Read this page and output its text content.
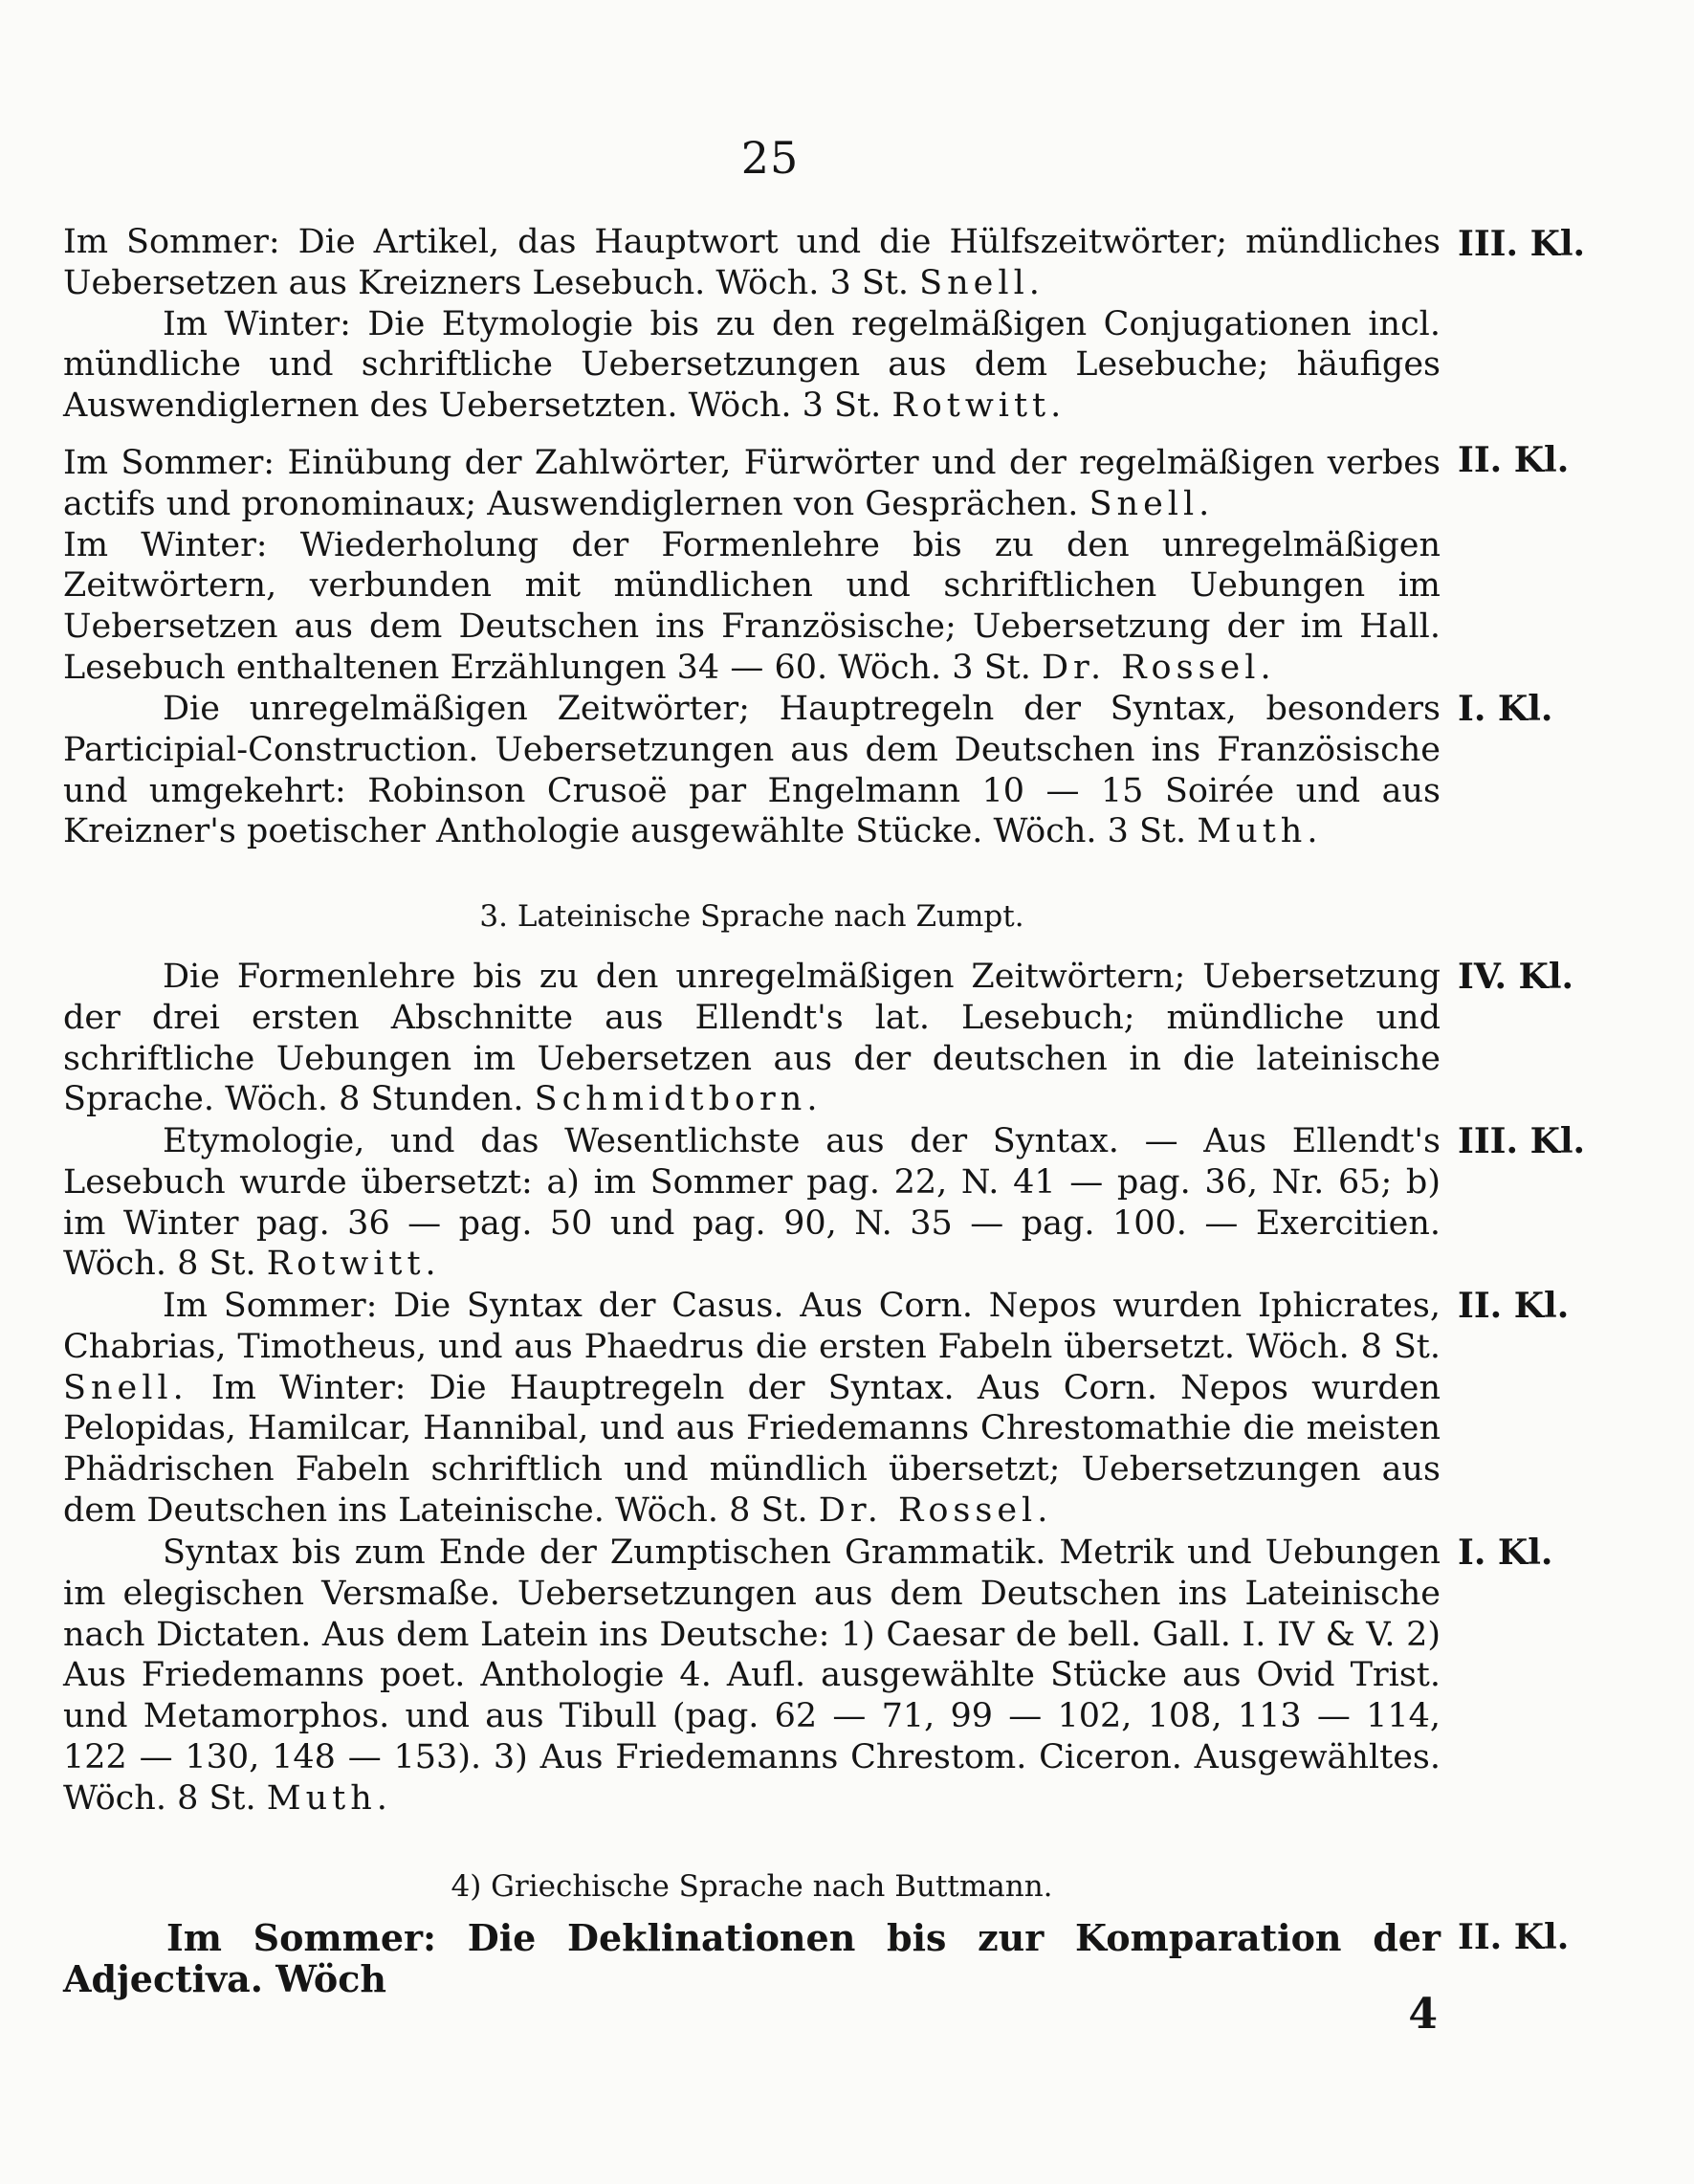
25

Im Sommer: Die Artikel, das Hauptwort und die Hülfszeitwörter; mündliches Uebersetzen aus Kreizners Lesebuch. Wöch. 3 St. Snell.

Im Winter: Die Etymologie bis zu den regelmäßigen Conjugationen incl. mündliche und schriftliche Uebersetzungen aus dem Lesebuche; häufiges Auswendiglernen des Uebersetzten. Wöch. 3 St. Rotwitt.

III. Kl.

Im Sommer: Einübung der Zahlwörter, Fürwörter und der regelmäßigen verbes actifs und pronominaux; Auswendiglernen von Gesprächen. Snell.

Im Winter: Wiederholung der Formenlehre bis zu den unregelmäßigen Zeitwörtern, verbunden mit mündlichen und schriftlichen Uebungen im Uebersetzen aus dem Deutschen ins Französische; Uebersetzung der im Hall. Lesebuch enthaltenen Erzählungen 34 — 60. Wöch. 3 St. Dr. Rossel.

II. Kl.

Die unregelmäßigen Zeitwörter; Hauptregeln der Syntax, besonders Participial-Construction. Uebersetzungen aus dem Deutschen ins Französische und umgekehrt: Robinson Crusoë par Engelmann 10 — 15 Soirée und aus Kreizner's poetischer Anthologie ausgewählte Stücke. Wöch. 3 St. Muth.

I. Kl.
3. Lateinische Sprache nach Zumpt.

Die Formenlehre bis zu den unregelmäßigen Zeitwörtern; Uebersetzung der drei ersten Abschnitte aus Ellendt's lat. Lesebuch; mündliche und schriftliche Uebungen im Uebersetzen aus der deutschen in die lateinische Sprache. Wöch. 8 Stunden. Schmidtborn.

IV. Kl.

Etymologie, und das Wesentlichste aus der Syntax. — Aus Ellendt's Lesebuch wurde übersetzt: a) im Sommer pag. 22, N. 41 — pag. 36, Nr. 65; b) im Winter pag. 36 — pag. 50 und pag. 90, N. 35 — pag. 100. — Exercitien. Wöch. 8 St. Rotwitt.

III. Kl.

Im Sommer: Die Syntax der Casus. Aus Corn. Nepos wurden Iphicrates, Chabrias, Timotheus, und aus Phaedrus die ersten Fabeln übersetzt. Wöch. 8 St. Snell. Im Winter: Die Hauptregeln der Syntax. Aus Corn. Nepos wurden Pelopidas, Hamilcar, Hannibal, und aus Friedemanns Chrestomathie die meisten Phädrischen Fabeln schriftlich und mündlich übersetzt; Uebersetzungen aus dem Deutschen ins Lateinische. Wöch. 8 St. Dr. Rossel.

II. Kl.

Syntax bis zum Ende der Zumptischen Grammatik. Metrik und Uebungen im elegischen Versmaße. Uebersetzungen aus dem Deutschen ins Lateinische nach Dictaten. Aus dem Latein ins Deutsche: 1) Caesar de bell. Gall. I. IV & V. 2) Aus Friedemanns poet. Anthologie 4. Aufl. ausgewählte Stücke aus Ovid Trist. und Metamorphos. und aus Tibull (pag. 62 — 71, 99 — 102, 108, 113 — 114, 122 — 130, 148 — 153). 3) Aus Friedemanns Chrestom. Ciceron. Ausgewähltes. Wöch. 8 St. Muth.

I. Kl.
4) Griechische Sprache nach Buttmann.

Im Sommer: Die Deklinationen bis zur Komparation der Adjectiva. Wöch

II. Kl.
4
